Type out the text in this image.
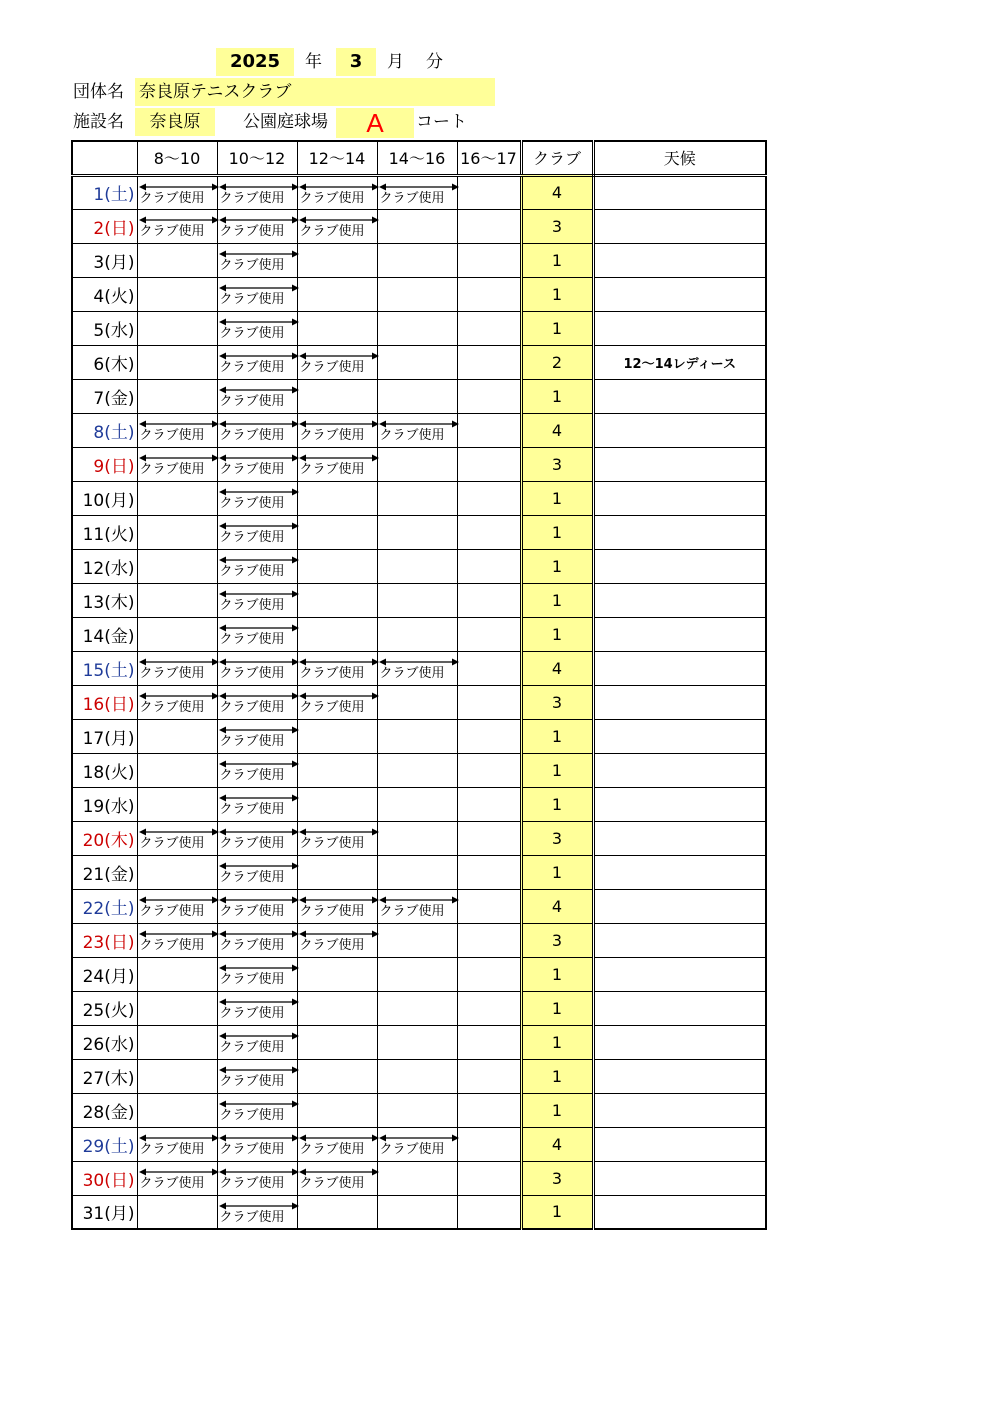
2025	年	3	月 分
団体名 奈良原テニスクラブ
施設名	奈良原	公園庭球場	A	コート
	8～10	10～12	12～14	14～16	16～17	クラブ	天候
1(土)	クラブ使用	クラブ使用	クラブ使用	クラブ使用		4	
2(日)	クラブ使用	クラブ使用	クラブ使用			3	
3(月)		クラブ使用				1	
4(火)		クラブ使用				1	
5(水)		クラブ使用				1	
6(木)		クラブ使用	クラブ使用			2	12～14レディース
7(金)		クラブ使用				1	
8(土)	クラブ使用	クラブ使用	クラブ使用	クラブ使用		4	
9(日)	クラブ使用	クラブ使用	クラブ使用			3	
10(月)		クラブ使用				1	
11(火)		クラブ使用				1	
12(水)		クラブ使用				1	
13(木)		クラブ使用				1	
14(金)		クラブ使用				1	
15(土)	クラブ使用	クラブ使用	クラブ使用	クラブ使用		4	
16(日)	クラブ使用	クラブ使用	クラブ使用			3	
17(月)		クラブ使用				1	
18(火)		クラブ使用				1	
19(水)		クラブ使用				1	
20(木)	クラブ使用	クラブ使用	クラブ使用			3	
21(金)		クラブ使用				1	
22(土)	クラブ使用	クラブ使用	クラブ使用	クラブ使用		4	
23(日)	クラブ使用	クラブ使用	クラブ使用			3	
24(月)		クラブ使用				1	
25(火)		クラブ使用				1	
26(水)		クラブ使用				1	
27(木)		クラブ使用				1	
28(金)		クラブ使用				1	
29(土)	クラブ使用	クラブ使用	クラブ使用	クラブ使用		4	
30(日)	クラブ使用	クラブ使用	クラブ使用			3	
31(月)		クラブ使用				1	
